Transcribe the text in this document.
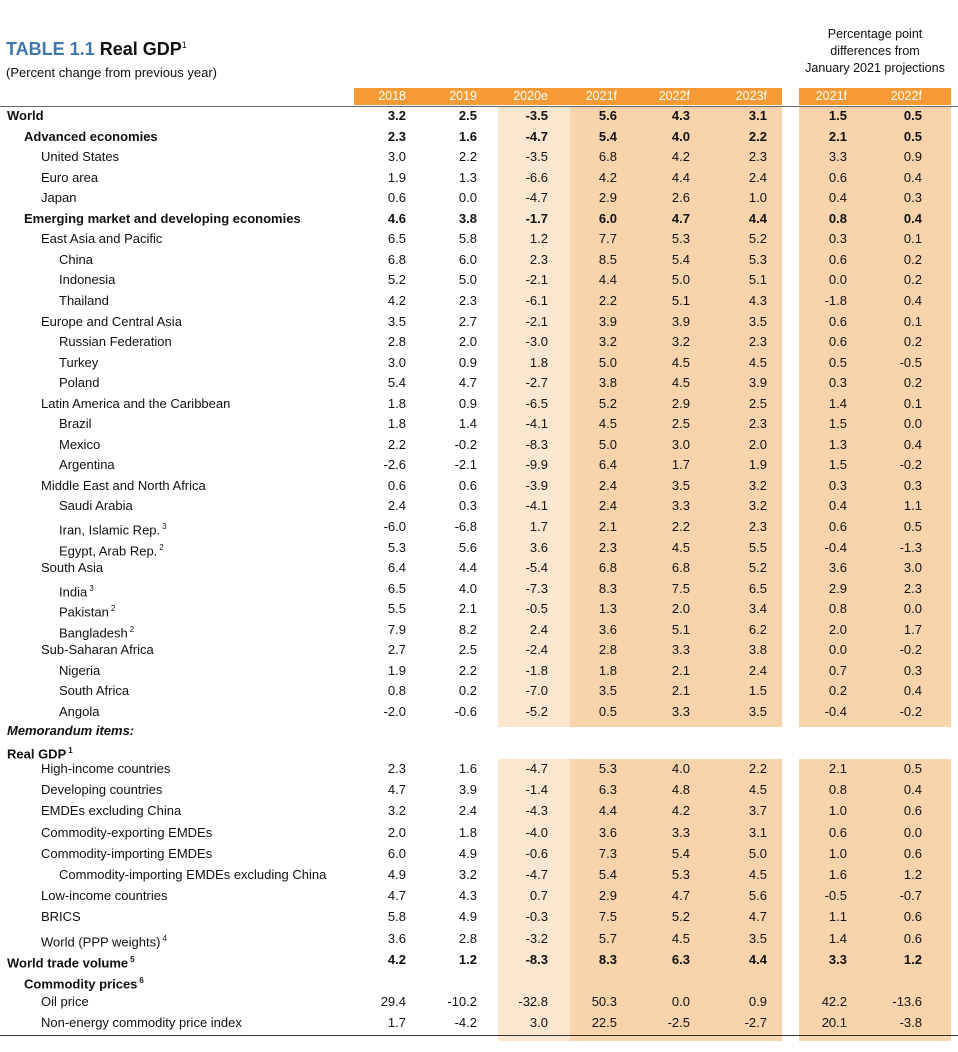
TABLE 1.1 Real GDP$^1$
(Percent change from previous year)
Percentage point
differences from
January 2021 projections
2018	2019	2020e	2021f	2022f	2023f	2021f	2022f
World	3.2	2.5	-3.5	5.6	4.3	3.1	1.5	0.5
Advanced economies	2.3	1.6	-4.7	5.4	4.0	2.2	2.1	0.5
United States	3.0	2.2	-3.5	6.8	4.2	2.3	3.3	0.9
Euro area	1.9	1.3	-6.6	4.2	4.4	2.4	0.6	0.4
Japan	0.6	0.0	-4.7	2.9	2.6	1.0	0.4	0.3
Emerging market and developing economies	4.6	3.8	-1.7	6.0	4.7	4.4	0.8	0.4
East Asia and Pacific	6.5	5.8	1.2	7.7	5.3	5.2	0.3	0.1
China	6.8	6.0	2.3	8.5	5.4	5.3	0.6	0.2
Indonesia	5.2	5.0	-2.1	4.4	5.0	5.1	0.0	0.2
Thailand	4.2	2.3	-6.1	2.2	5.1	4.3	-1.8	0.4
Europe and Central Asia	3.5	2.7	-2.1	3.9	3.9	3.5	0.6	0.1
Russian Federation	2.8	2.0	-3.0	3.2	3.2	2.3	0.6	0.2
Turkey	3.0	0.9	1.8	5.0	4.5	4.5	0.5	-0.5
Poland	5.4	4.7	-2.7	3.8	4.5	3.9	0.3	0.2
Latin America and the Caribbean	1.8	0.9	-6.5	5.2	2.9	2.5	1.4	0.1
Brazil	1.8	1.4	-4.1	4.5	2.5	2.3	1.5	0.0
Mexico	2.2	-0.2	-8.3	5.0	3.0	2.0	1.3	0.4
Argentina	-2.6	-2.1	-9.9	6.4	1.7	1.9	1.5	-0.2
Middle East and North Africa	0.6	0.6	-3.9	2.4	3.5	3.2	0.3	0.3
Saudi Arabia	2.4	0.3	-4.1	2.4	3.3	3.2	0.4	1.1
Iran, Islamic Rep. $^3$	-6.0	-6.8	1.7	2.1	2.2	2.3	0.6	0.5
Egypt, Arab Rep. $^2$	5.3	5.6	3.6	2.3	4.5	5.5	-0.4	-1.3
South Asia	6.4	4.4	-5.4	6.8	6.8	5.2	3.6	3.0
India $^3$	6.5	4.0	-7.3	8.3	7.5	6.5	2.9	2.3
Pakistan $^2$	5.5	2.1	-0.5	1.3	2.0	3.4	0.8	0.0
Bangladesh $^2$	7.9	8.2	2.4	3.6	5.1	6.2	2.0	1.7
Sub-Saharan Africa	2.7	2.5	-2.4	2.8	3.3	3.8	0.0	-0.2
Nigeria	1.9	2.2	-1.8	1.8	2.1	2.4	0.7	0.3
South Africa	0.8	0.2	-7.0	3.5	2.1	1.5	0.2	0.4
Angola	-2.0	-0.6	-5.2	0.5	3.3	3.5	-0.4	-0.2
Memorandum items:
Real GDP $^1$
High-income countries	2.3	1.6	-4.7	5.3	4.0	2.2	2.1	0.5
Developing countries	4.7	3.9	-1.4	6.3	4.8	4.5	0.8	0.4
EMDEs excluding China	3.2	2.4	-4.3	4.4	4.2	3.7	1.0	0.6
Commodity-exporting EMDEs	2.0	1.8	-4.0	3.6	3.3	3.1	0.6	0.0
Commodity-importing EMDEs	6.0	4.9	-0.6	7.3	5.4	5.0	1.0	0.6
Commodity-importing EMDEs excluding China	4.9	3.2	-4.7	5.4	5.3	4.5	1.6	1.2
Low-income countries	4.7	4.3	0.7	2.9	4.7	5.6	-0.5	-0.7
BRICS	5.8	4.9	-0.3	7.5	5.2	4.7	1.1	0.6
World (PPP weights) $^4$	3.6	2.8	-3.2	5.7	4.5	3.5	1.4	0.6
World trade volume $^5$	4.2	1.2	-8.3	8.3	6.3	4.4	3.3	1.2
Commodity prices $^6$
Oil price	29.4	-10.2	-32.8	50.3	0.0	0.9	42.2	-13.6
Non-energy commodity price index	1.7	-4.2	3.0	22.5	-2.5	-2.7	20.1	-3.8
